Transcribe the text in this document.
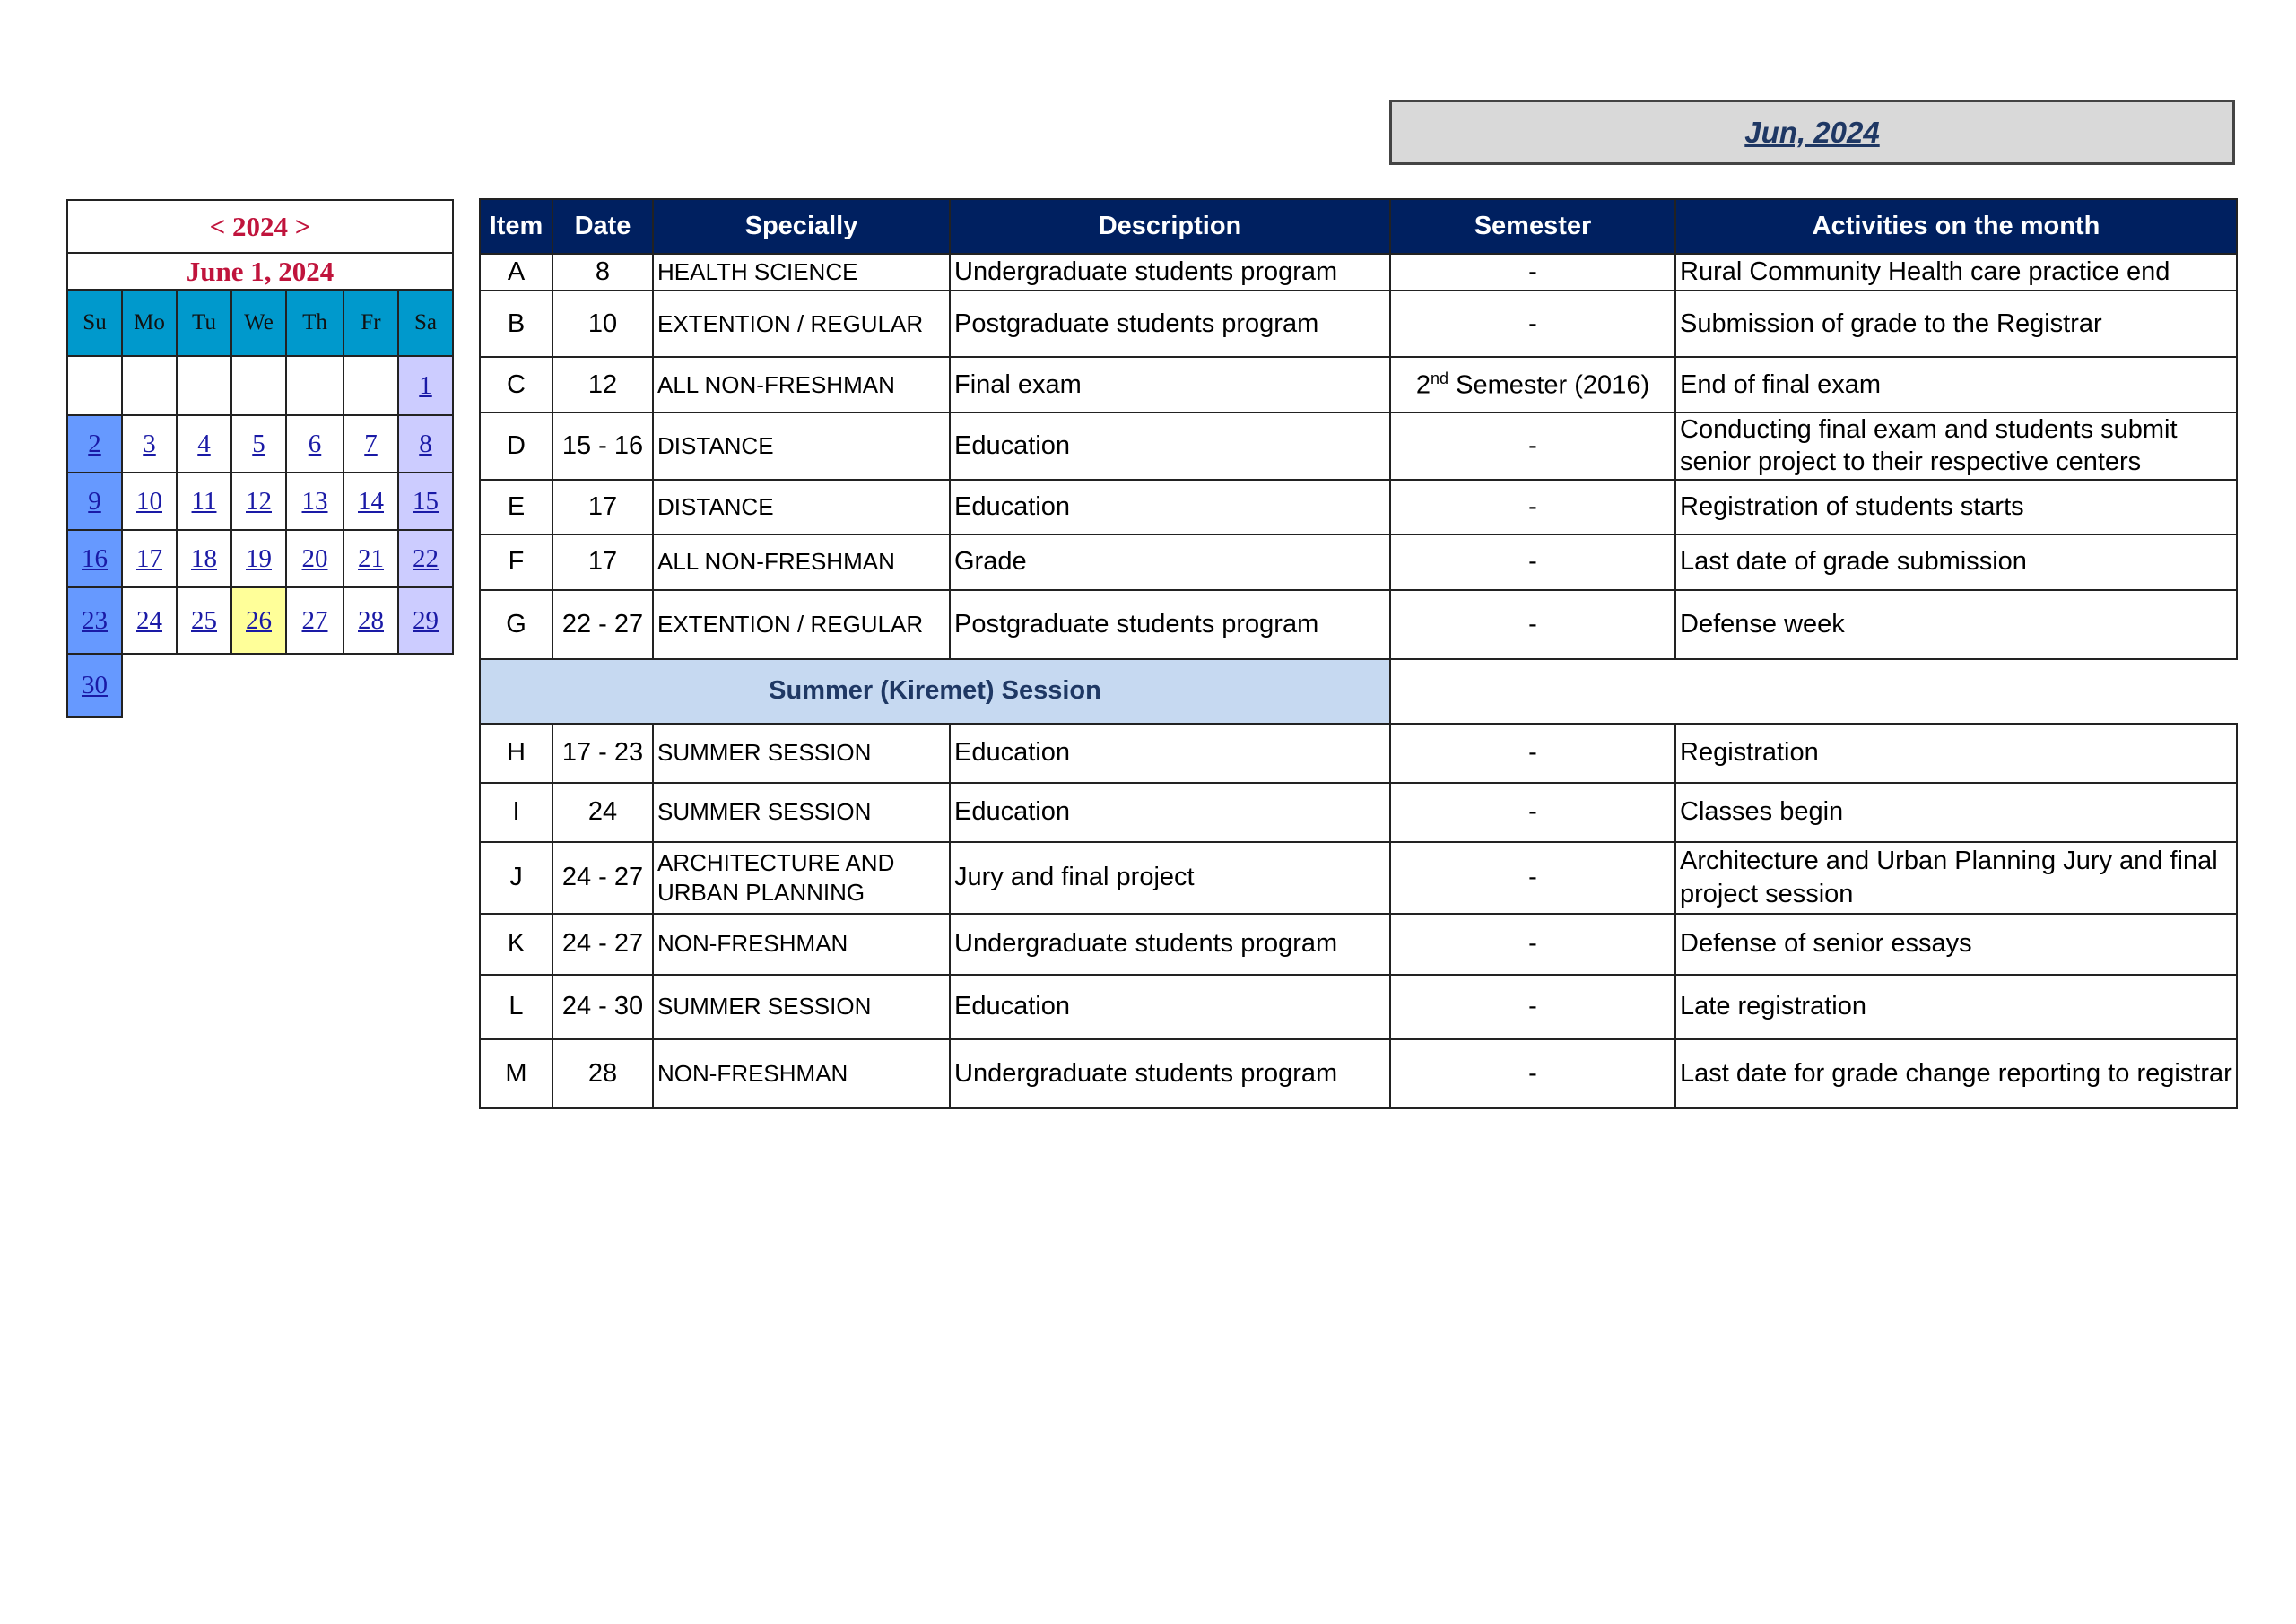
Jun, 2024
< 2024 >						
June 1, 2024						
Su	Mo	Tu	We	Th	Fr	Sa
						1
2	3	4	5	6	7	8
9	10	11	12	13	14	15
16	17	18	19	20	21	22
23	24	25	26	27	28	29
30						
Item	Date	Specially	Description	Semester	Activities on the month
A	8	HEALTH SCIENCE	Undergraduate students program	-	Rural Community Health care practice end
B	10	EXTENTION / REGULAR	Postgraduate students program	-	Submission of grade to the Registrar
C	12	ALL NON-FRESHMAN	Final exam	2nd Semester (2016)	End of final exam
D	15 - 16	DISTANCE	Education	-	Conducting final exam and students submit senior project to their respective centers
E	17	DISTANCE	Education	-	Registration of students starts
F	17	ALL NON-FRESHMAN	Grade	-	Last date of grade submission
G	22 - 27	EXTENTION / REGULAR	Postgraduate students program	-	Defense week
Summer (Kiremet) Session					
H	17 - 23	SUMMER SESSION	Education	-	Registration
I	24	SUMMER SESSION	Education	-	Classes begin
J	24 - 27	ARCHITECTURE AND URBAN PLANNING	Jury and final project	-	Architecture and Urban Planning Jury and final project session
K	24 - 27	NON-FRESHMAN	Undergraduate students program	-	Defense of senior essays
L	24 - 30	SUMMER SESSION	Education	-	Late registration
M	28	NON-FRESHMAN	Undergraduate students program	-	Last date for grade change reporting to registrar
